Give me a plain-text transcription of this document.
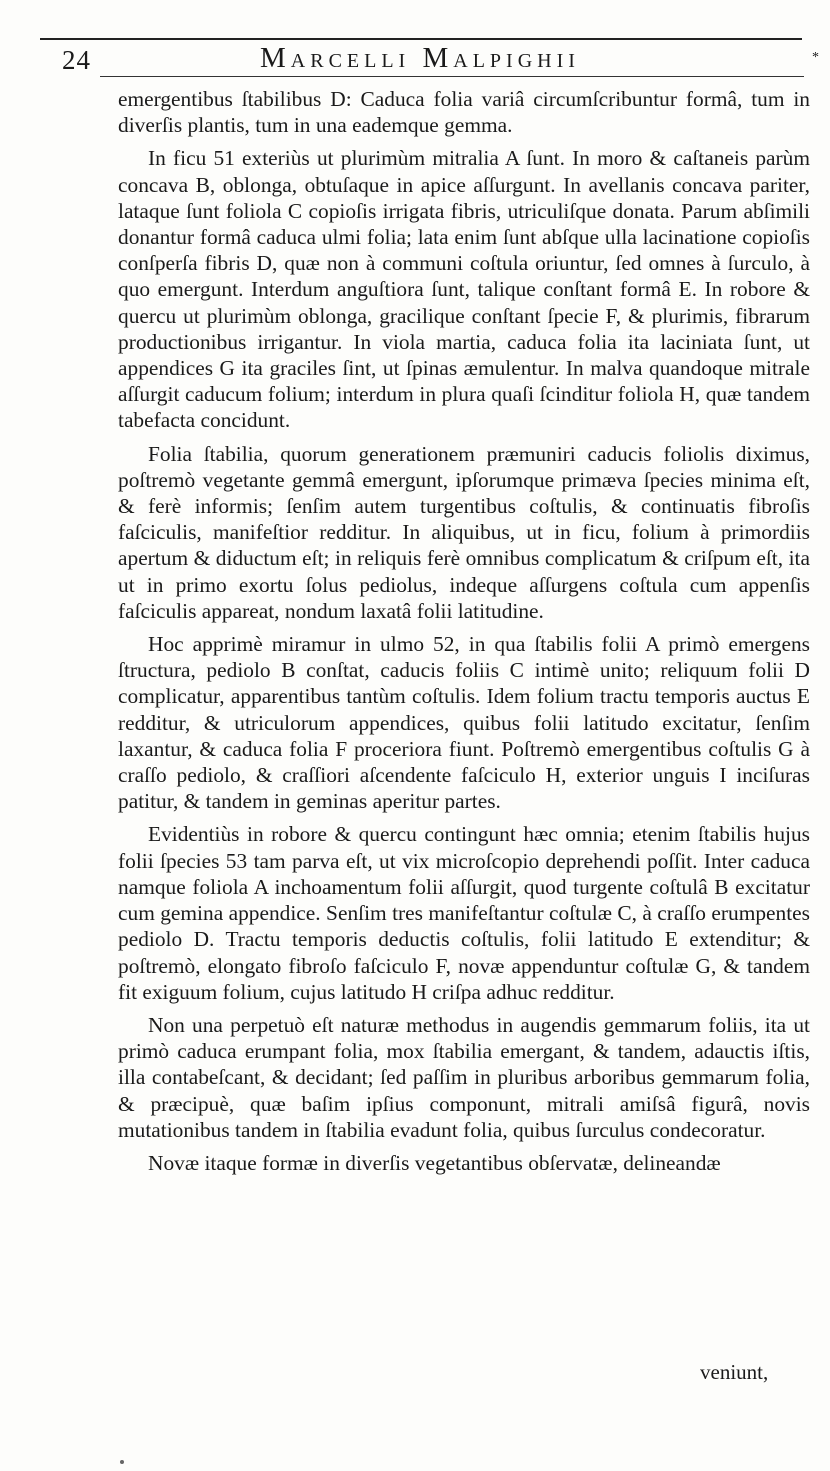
24	Marcelli Malpighii	*

emergentibus ſtabilibus D: Caduca folia variâ circumſcribuntur formâ, tum in diverſis plantis, tum in una eademque gemma.

In ficu 51 exteriùs ut plurimùm mitralia A ſunt. In moro & caſtaneis parùm concava B, oblonga, obtuſaque in apice aſſurgunt. In avellanis concava pariter, lataque ſunt foliola C copioſis irrigata fibris, utriculiſque donata. Parum abſimili donantur formâ caduca ulmi folia; lata enim ſunt abſque ulla lacinatione copioſis conſperſa fibris D, quæ non à communi coſtula oriuntur, ſed omnes à ſurculo, à quo emergunt. Interdum anguſtiora ſunt, talique conſtant formâ E. In robore & quercu ut plurimùm oblonga, gracilique conſtant ſpecie F, & plurimis, fibrarum productionibus irrigantur. In viola martia, caduca folia ita laciniata ſunt, ut appendices G ita graciles ſint, ut ſpinas æmulentur. In malva quandoque mitrale aſſurgit caducum folium; interdum in plura quaſi ſcinditur foliola H, quæ tandem tabefacta concidunt.

Folia ſtabilia, quorum generationem præmuniri caducis foliolis diximus, poſtremò vegetante gemmâ emergunt, ipſorumque primæva ſpecies minima eſt, & ferè informis; ſenſim autem turgentibus coſtulis, & continuatis fibroſis faſciculis, manifeſtior redditur. In aliquibus, ut in ficu, folium à primordiis apertum & diductum eſt; in reliquis ferè omnibus complicatum & criſpum eſt, ita ut in primo exortu ſolus pediolus, indeque aſſurgens coſtula cum appenſis faſciculis appareat, nondum laxatâ folii latitudine.

Hoc apprimè miramur in ulmo 52, in qua ſtabilis folii A primò emergens ſtructura, pediolo B conſtat, caducis foliis C intimè unito; reliquum folii D complicatur, apparentibus tantùm coſtulis. Idem folium tractu temporis auctus E redditur, & utriculorum appendices, quibus folii latitudo excitatur, ſenſim laxantur, & caduca folia F proceriora fiunt. Poſtremò emergentibus coſtulis G à craſſo pediolo, & craſſiori aſcendente faſciculo H, exterior unguis I inciſuras patitur, & tandem in geminas aperitur partes.

Evidentiùs in robore & quercu contingunt hæc omnia; etenim ſtabilis hujus folii ſpecies 53 tam parva eſt, ut vix microſcopio deprehendi poſſit. Inter caduca namque foliola A inchoamentum folii aſſurgit, quod turgente coſtulâ B excitatur cum gemina appendice. Senſim tres manifeſtantur coſtulæ C, à craſſo erumpentes pediolo D. Tractu temporis deductis coſtulis, folii latitudo E extenditur; & poſtremò, elongato fibroſo faſciculo F, novæ appenduntur coſtulæ G, & tandem fit exiguum folium, cujus latitudo H criſpa adhuc redditur.

Non una perpetuò eſt naturæ methodus in augendis gemmarum foliis, ita ut primò caduca erumpant folia, mox ſtabilia emergant, & tandem, adauctis iſtis, illa contabeſcant, & decidant; ſed paſſim in pluribus arboribus gemmarum folia, & præcipuè, quæ baſim ipſius componunt, mitrali amiſsâ figurâ, novis mutationibus tandem in ſtabilia evadunt folia, quibus ſurculus condecoratur.

Novæ itaque formæ in diverſis vegetantibus obſervatæ, delineandæ

veniunt,
